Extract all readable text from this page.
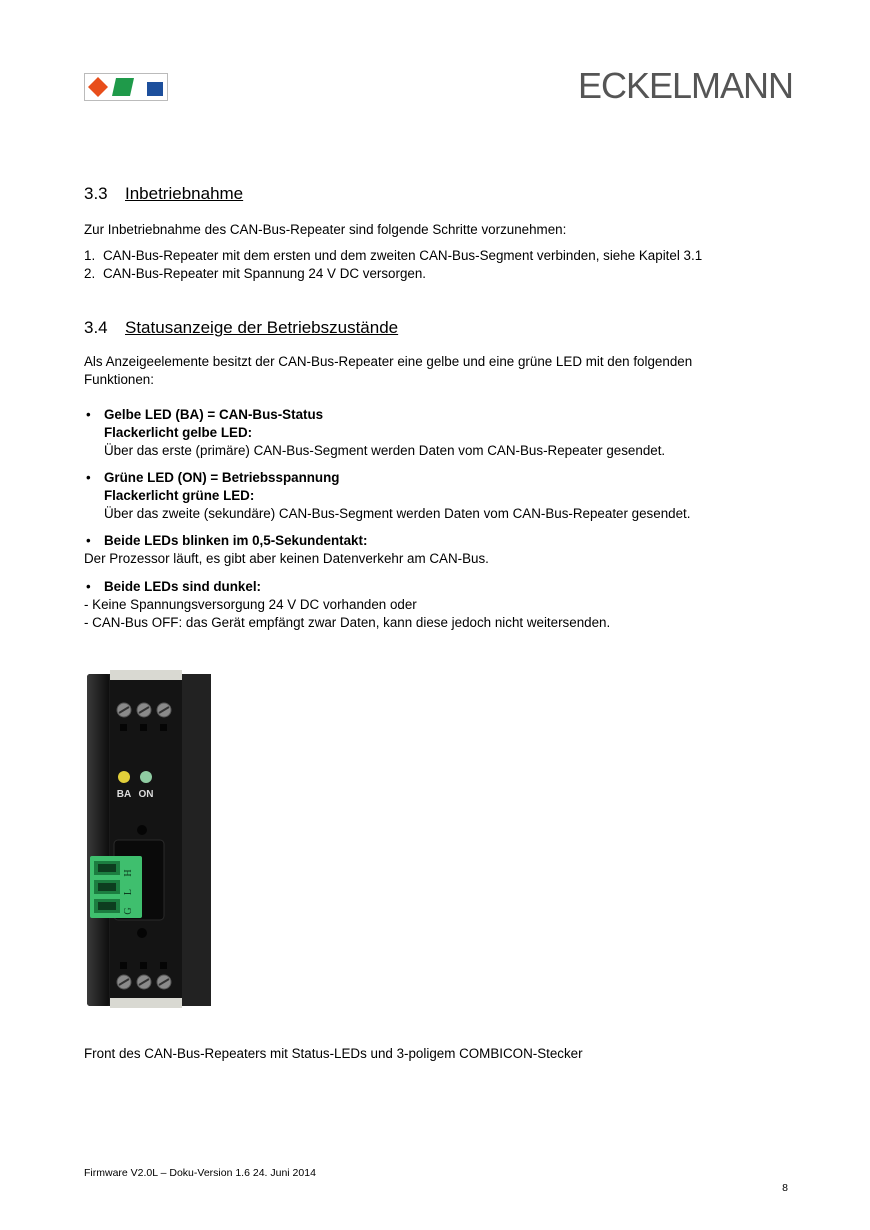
ECKELMANN
3.3 Inbetriebnahme
Zur Inbetriebnahme des CAN-Bus-Repeater sind folgende Schritte vorzunehmen:
1. CAN-Bus-Repeater mit dem ersten und dem zweiten CAN-Bus-Segment verbinden, siehe Kapitel 3.1
2. CAN-Bus-Repeater mit Spannung 24 V DC versorgen.
3.4 Statusanzeige der Betriebszustände
Als Anzeigeelemente besitzt der CAN-Bus-Repeater eine gelbe und eine grüne LED mit den folgenden
Funktionen:
• Gelbe LED (BA) = CAN-Bus-Status
Flackerlicht gelbe LED:
Über das erste (primäre) CAN-Bus-Segment werden Daten vom CAN-Bus-Repeater gesendet.
• Grüne LED (ON) = Betriebsspannung
Flackerlicht grüne LED:
Über das zweite (sekundäre) CAN-Bus-Segment werden Daten vom CAN-Bus-Repeater gesendet.
• Beide LEDs blinken im 0,5-Sekundentakt:
Der Prozessor läuft, es gibt aber keinen Datenverkehr am CAN-Bus.
• Beide LEDs sind dunkel:
- Keine Spannungsversorgung 24 V DC vorhanden oder
- CAN-Bus OFF: das Gerät empfängt zwar Daten, kann diese jedoch nicht weitersenden.
BA ON
G
L
H
Front des CAN-Bus-Repeaters mit Status-LEDs und 3-poligem COMBICON-Stecker
Firmware V2.0L – Doku-Version 1.6 24. Juni 2014
8
